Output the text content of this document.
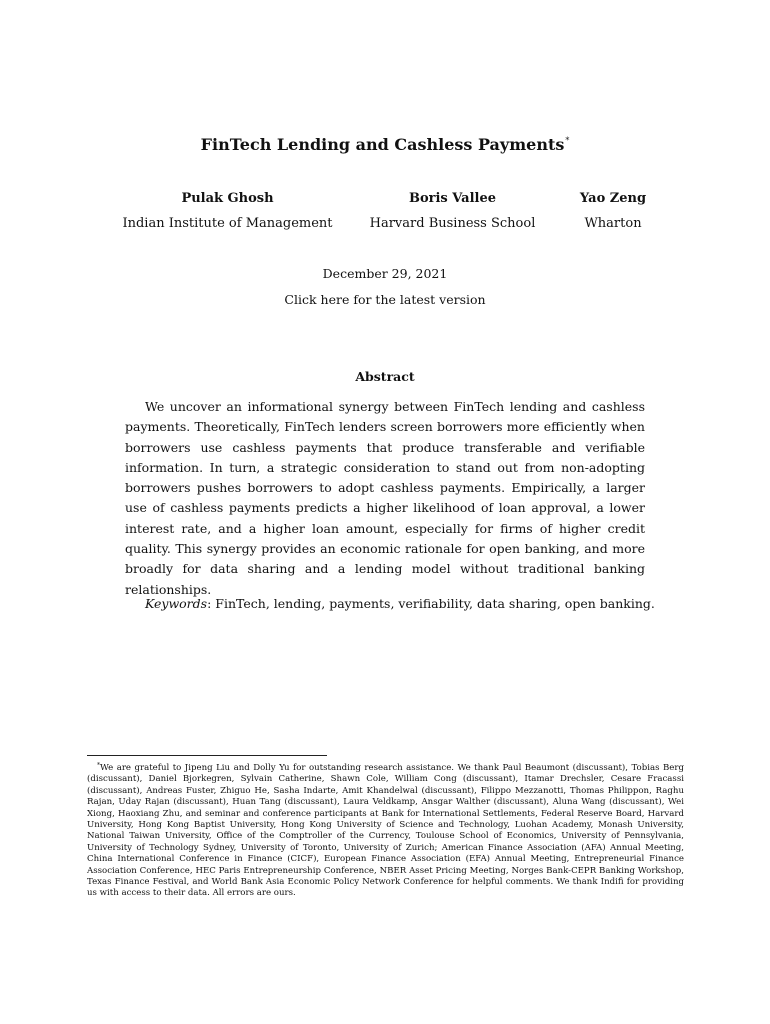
FinTech Lending and Cashless Payments*
Pulak Ghosh
Indian Institute of Management
Boris Vallee
Harvard Business School
Yao Zeng
Wharton
December 29, 2021
Click here for the latest version
Abstract

We uncover an informational synergy between FinTech lending and cashless payments. Theoretically, FinTech lenders screen borrowers more efficiently when borrowers use cashless payments that produce transferable and verifiable information. In turn, a strategic consideration to stand out from non-adopting borrowers pushes borrowers to adopt cashless payments. Empirically, a larger use of cashless payments predicts a higher likelihood of loan approval, a lower interest rate, and a higher loan amount, especially for firms of higher credit quality. This synergy provides an economic rationale for open banking, and more broadly for data sharing and a lending model without traditional banking relationships.

Keywords: FinTech, lending, payments, verifiability, data sharing, open banking.

*We are grateful to Jipeng Liu and Dolly Yu for outstanding research assistance. We thank Paul Beaumont (discussant), Tobias Berg (discussant), Daniel Bjorkegren, Sylvain Catherine, Shawn Cole, William Cong (discussant), Itamar Drechsler, Cesare Fracassi (discussant), Andreas Fuster, Zhiguo He, Sasha Indarte, Amit Khandelwal (discussant), Filippo Mezzanotti, Thomas Philippon, Raghu Rajan, Uday Rajan (discussant), Huan Tang (discussant), Laura Veldkamp, Ansgar Walther (discussant), Aluna Wang (discussant), Wei Xiong, Haoxiang Zhu, and seminar and conference participants at Bank for International Settlements, Federal Reserve Board, Harvard University, Hong Kong Baptist University, Hong Kong University of Science and Technology, Luohan Academy, Monash University, National Taiwan University, Office of the Comptroller of the Currency, Toulouse School of Economics, University of Pennsylvania, University of Technology Sydney, University of Toronto, University of Zurich; American Finance Association (AFA) Annual Meeting, China International Conference in Finance (CICF), European Finance Association (EFA) Annual Meeting, Entrepreneurial Finance Association Conference, HEC Paris Entrepreneurship Conference, NBER Asset Pricing Meeting, Norges Bank-CEPR Banking Workshop, Texas Finance Festival, and World Bank Asia Economic Policy Network Conference for helpful comments. We thank Indifi for providing us with access to their data. All errors are ours.
